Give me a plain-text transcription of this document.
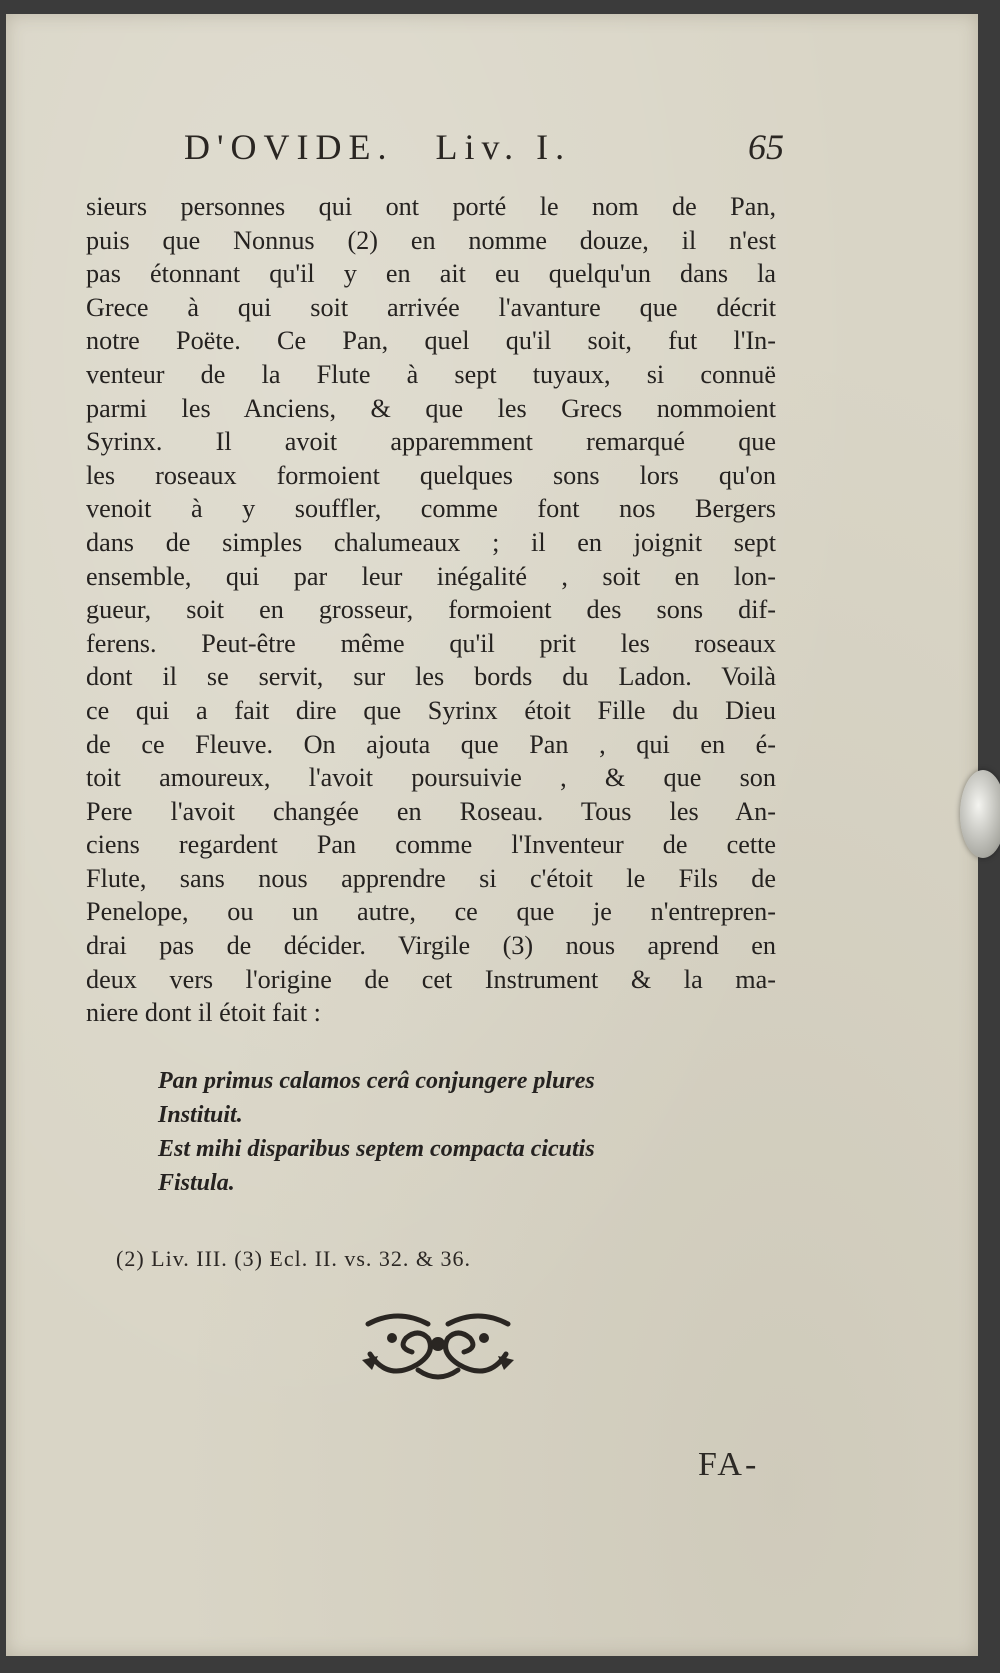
D'OVIDE. Liv. I.	65
sieurs personnes qui ont porté le nom de Pan,
puis que Nonnus (2) en nomme douze, il n'est
pas étonnant qu'il y en ait eu quelqu'un dans la
Grece à qui soit arrivée l'avanture que décrit
notre Poëte. Ce Pan, quel qu'il soit, fut l'In-
venteur de la Flute à sept tuyaux, si connuë
parmi les Anciens, & que les Grecs nommoient
Syrinx. Il avoit apparemment remarqué que
les roseaux formoient quelques sons lors qu'on
venoit à y souffler, comme font nos Bergers
dans de simples chalumeaux ; il en joignit sept
ensemble, qui par leur inégalité , soit en lon-
gueur, soit en grosseur, formoient des sons dif-
ferens. Peut-être même qu'il prit les roseaux
dont il se servit, sur les bords du Ladon. Voilà
ce qui a fait dire que Syrinx étoit Fille du Dieu
de ce Fleuve. On ajouta que Pan , qui en é-
toit amoureux, l'avoit poursuivie , & que son
Pere l'avoit changée en Roseau. Tous les An-
ciens regardent Pan comme l'Inventeur de cette
Flute, sans nous apprendre si c'étoit le Fils de
Penelope, ou un autre, ce que je n'entrepren-
drai pas de décider. Virgile (3) nous aprend en
deux vers l'origine de cet Instrument & la ma-
niere dont il étoit fait :
Pan primus calamos cerâ conjungere plures
Instituit.
Est mihi disparibus septem compacta cicutis
Fistula.
(2) Liv. III. (3) Ecl. II. vs. 32. & 36.
FA-
